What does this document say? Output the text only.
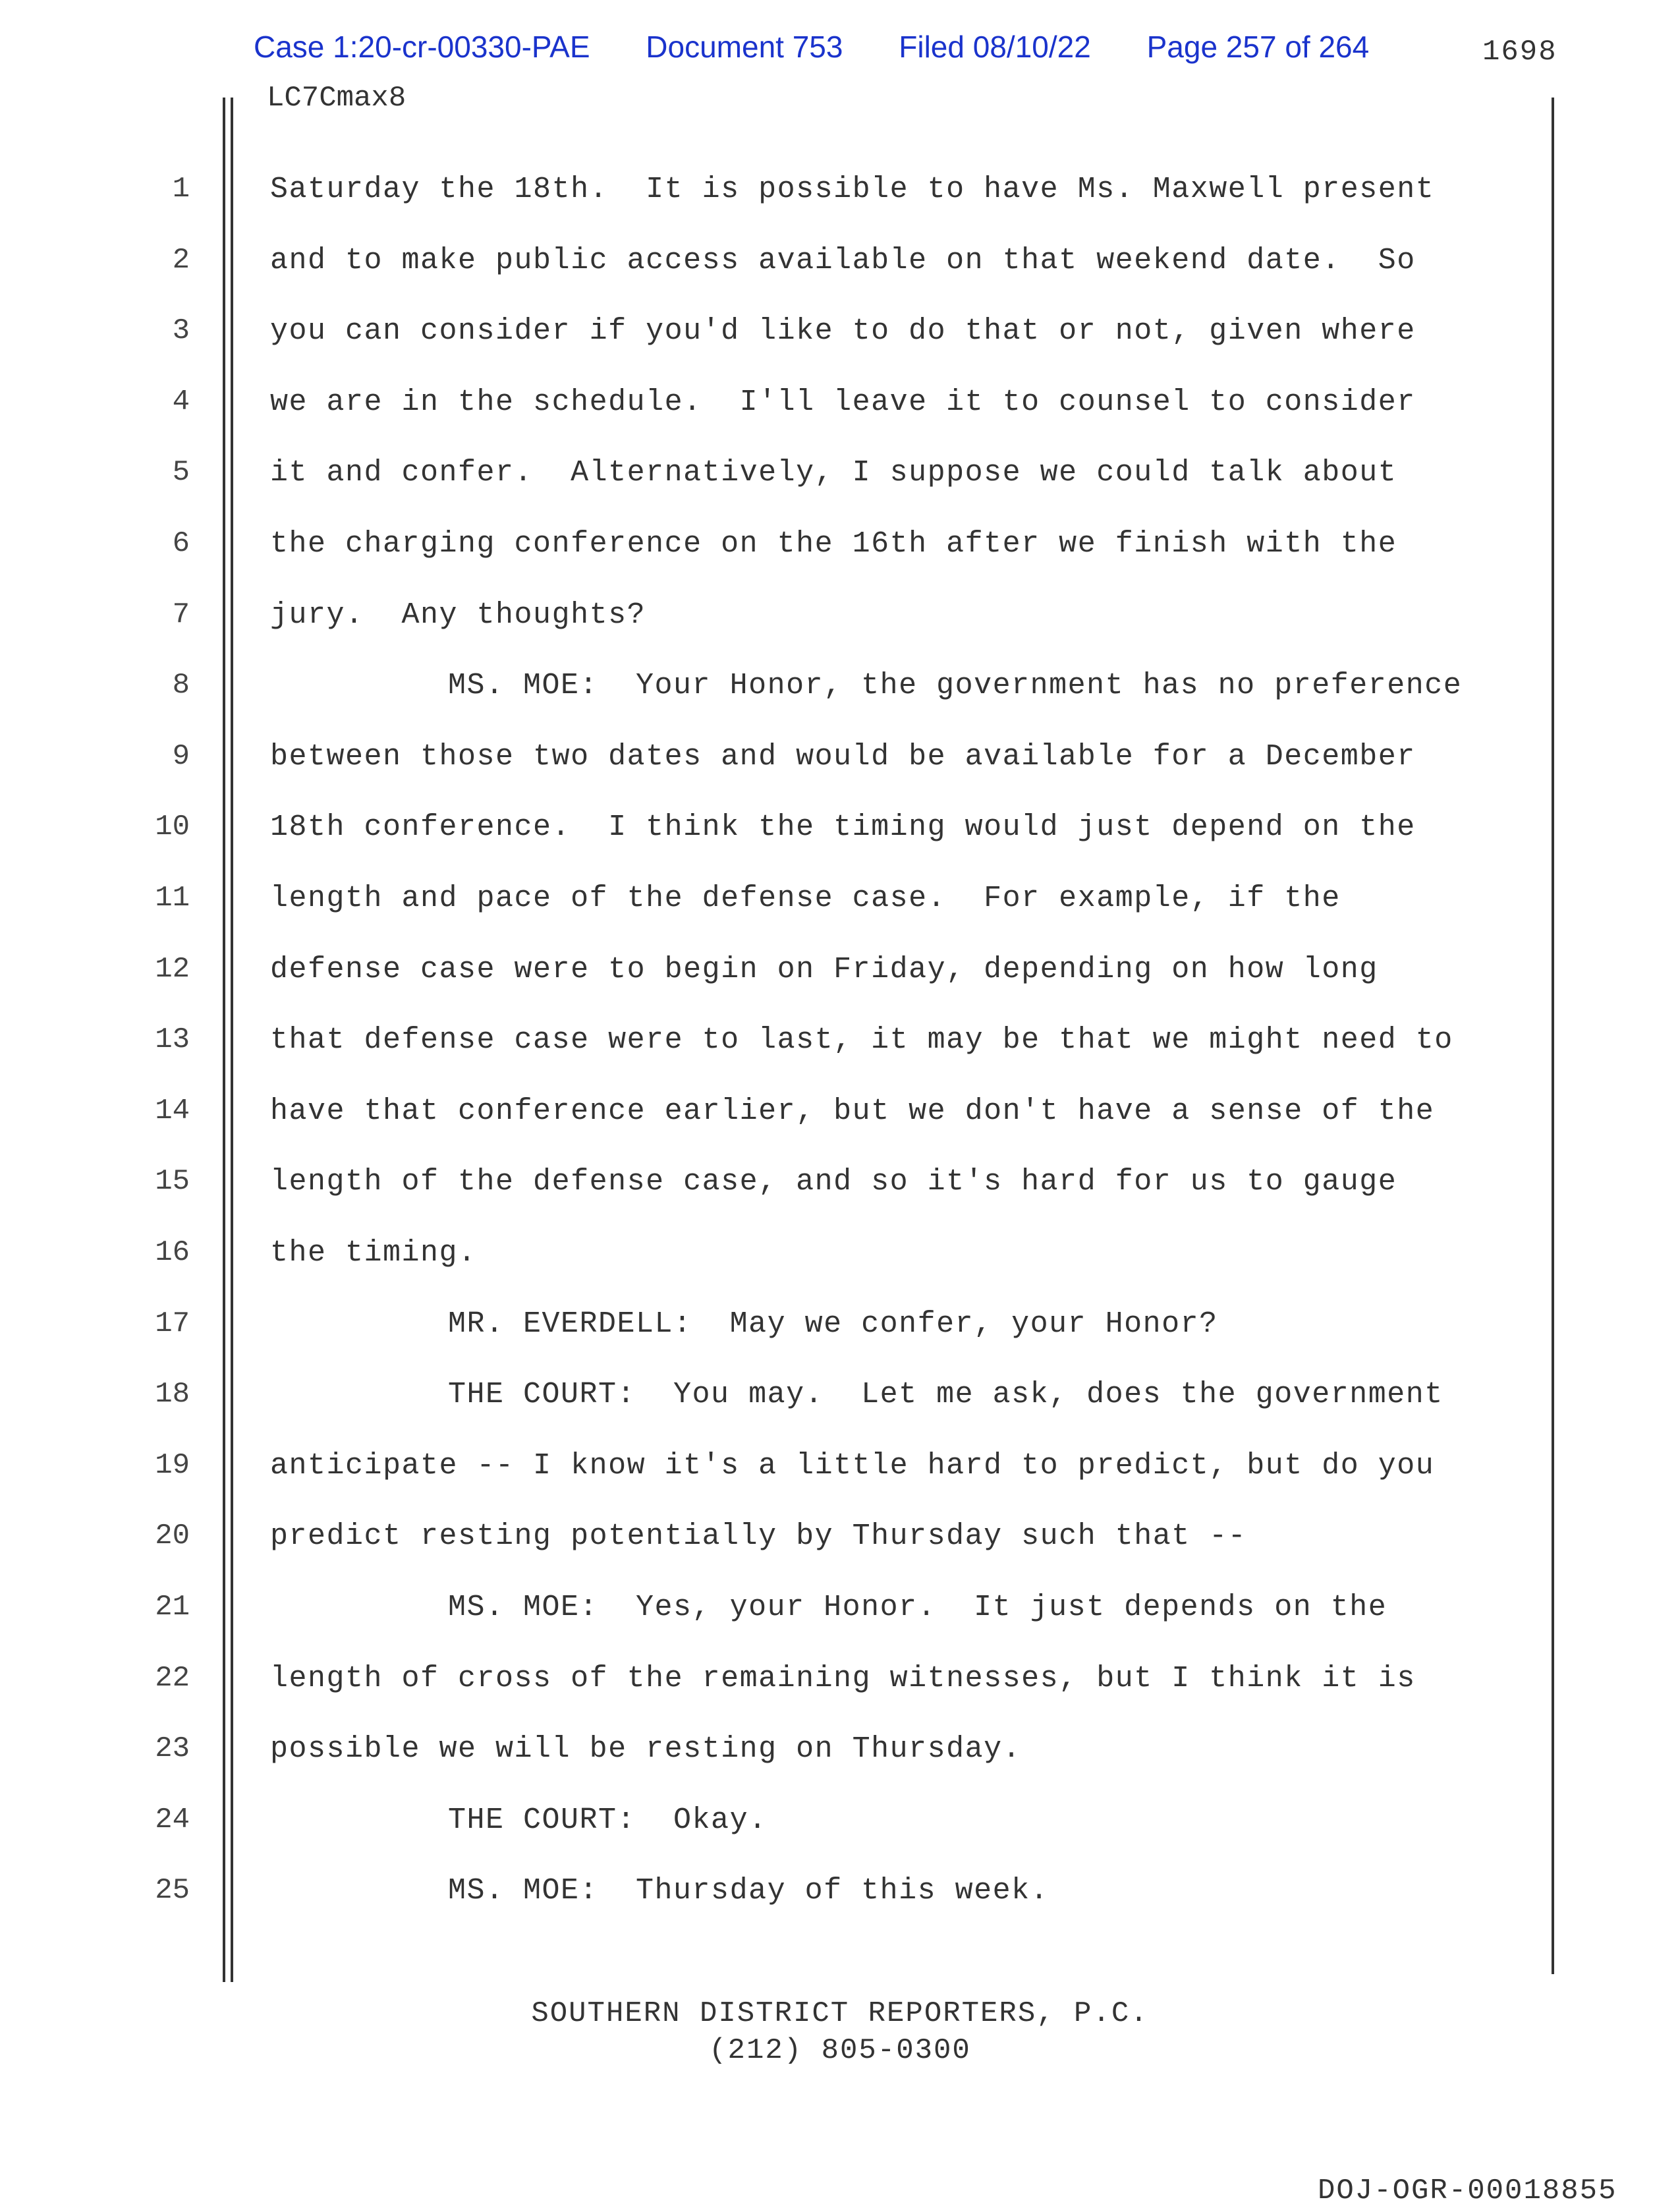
Case 1:20-cr-00330-PAE Document 753 Filed 08/10/22 Page 257 of 264	1698
LC7Cmax8
1
2
3
4
5
6
7
8
9
10
11
12
13
14
15
16
17
18
19
20
21
22
23
24
25
Saturday the 18th.  It is possible to have Ms. Maxwell present
and to make public access available on that weekend date.  So
you can consider if you'd like to do that or not, given where
we are in the schedule.  I'll leave it to counsel to consider
it and confer.  Alternatively, I suppose we could talk about
the charging conference on the 16th after we finish with the
jury.  Any thoughts?
MS. MOE:  Your Honor, the government has no preference
between those two dates and would be available for a December
18th conference.  I think the timing would just depend on the
length and pace of the defense case.  For example, if the
defense case were to begin on Friday, depending on how long
that defense case were to last, it may be that we might need to
have that conference earlier, but we don't have a sense of the
length of the defense case, and so it's hard for us to gauge
the timing.
MR. EVERDELL:  May we confer, your Honor?
THE COURT:  You may.  Let me ask, does the government
anticipate -- I know it's a little hard to predict, but do you
predict resting potentially by Thursday such that --
MS. MOE:  Yes, your Honor.  It just depends on the
length of cross of the remaining witnesses, but I think it is
possible we will be resting on Thursday.
THE COURT:  Okay.
MS. MOE:  Thursday of this week.
SOUTHERN DISTRICT REPORTERS, P.C.
(212) 805-0300
DOJ-OGR-00018855
